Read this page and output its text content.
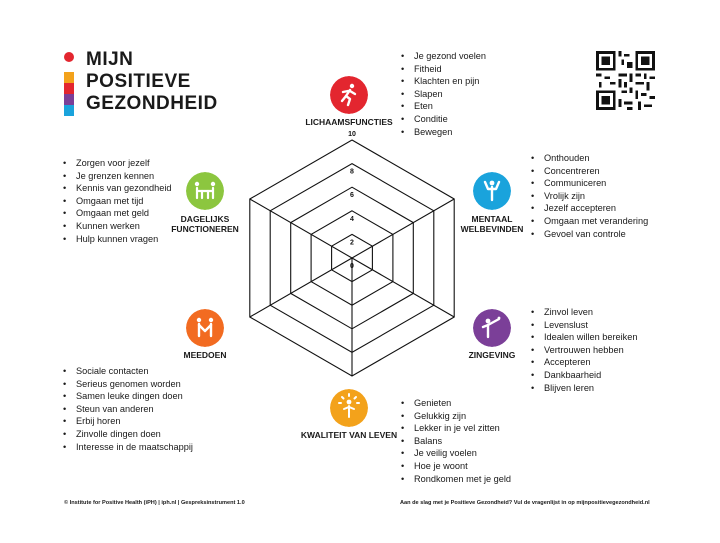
MIJN
POSITIEVE
GEZONDHEID
10
8
6
4
2
0
LICHAAMSFUNCTIES
MENTAAL
WELBEVINDEN
ZINGEVING
KWALITEIT VAN LEVEN
MEEDOEN
DAGELIJKS
FUNCTIONEREN
• Je gezond voelen
• Fitheid
• Klachten en pijn
• Slapen
• Eten
• Conditie
• Bewegen
• Onthouden
• Concentreren
• Communiceren
• Vrolijk zijn
• Jezelf accepteren
• Omgaan met verandering
• Gevoel van controle
• Zinvol leven
• Levenslust
• Idealen willen bereiken
• Vertrouwen hebben
• Accepteren
• Dankbaarheid
• Blijven leren
• Genieten
• Gelukkig zijn
• Lekker in je vel zitten
• Balans
• Je veilig voelen
• Hoe je woont
• Rondkomen met je geld
• Sociale contacten
• Serieus genomen worden
• Samen leuke dingen doen
• Steun van anderen
• Erbij horen
• Zinvolle dingen doen
• Interesse in de maatschappij
• Zorgen voor jezelf
• Je grenzen kennen
• Kennis van gezondheid
• Omgaan met tijd
• Omgaan met geld
• Kunnen werken
• Hulp kunnen vragen
© Institute for Positive Health (iPH) | iph.nl | Gespreksinstrument 1.0	Aan de slag met je Positieve Gezondheid? Vul de vragenlijst in op mijnpositievegezondheid.nl
